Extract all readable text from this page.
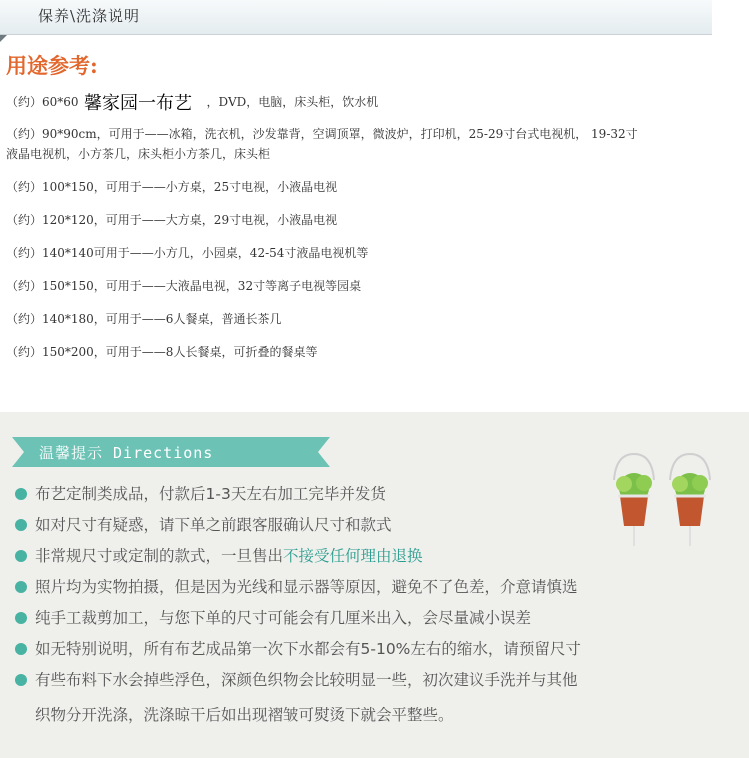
保养\洗涤说明
用途参考:
（约）60*60	，DVD，电脑，床头柜，饮水机
（约）90*90cm，可用于——冰箱，洗衣机，沙发靠背，空调顶罩，微波炉，打印机，25-29寸台式电视机， 19-32寸
液晶电视机，小方茶几，床头柜小方茶几，床头柜
（约）100*150，可用于——小方桌，25寸电视，小液晶电视
（约）120*120，可用于——大方桌，29寸电视，小液晶电视
（约）140*140可用于——小方几，小园桌，42-54寸液晶电视机等
（约）150*150，可用于——大液晶电视，32寸等离子电视等园桌
（约）140*180，可用于——6人餐桌，普通长茶几
（约）150*200，可用于——8人长餐桌，可折叠的餐桌等
馨家园一布艺
温馨提示 Directions
布艺定制类成品，付款后1-3天左右加工完毕并发货
如对尺寸有疑惑，请下单之前跟客服确认尺寸和款式
非常规尺寸或定制的款式，一旦售出不接受任何理由退换
照片均为实物拍摄，但是因为光线和显示器等原因，避免不了色差，介意请慎选
纯手工裁剪加工，与您下单的尺寸可能会有几厘米出入，会尽量减小误差
如无特别说明，所有布艺成品第一次下水都会有5-10%左右的缩水，请预留尺寸
有些布料下水会掉些浮色，深颜色织物会比较明显一些，初次建议手洗并与其他
织物分开洗涤，洗涤晾干后如出现褶皱可熨烫下就会平整些。
